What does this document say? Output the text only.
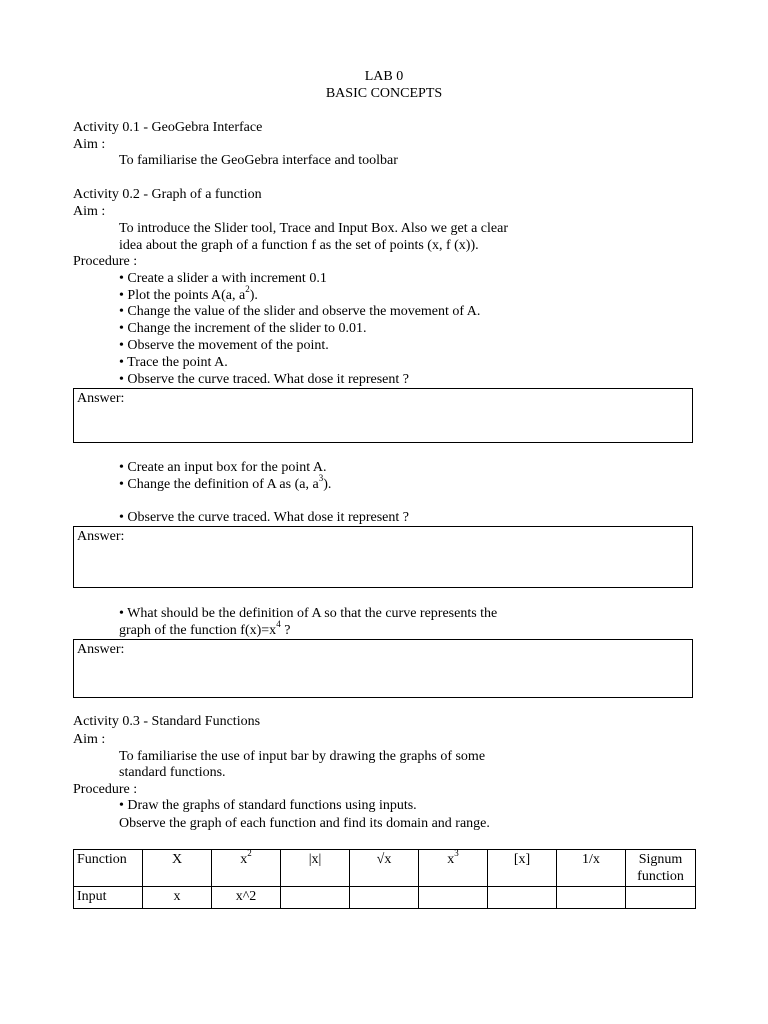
LAB 0
BASIC CONCEPTS
Activity 0.1 - GeoGebra Interface
Aim :
To familiarise the GeoGebra interface and toolbar
Activity 0.2 - Graph of a function
Aim :
To introduce the Slider tool, Trace and Input Box. Also we get a clear
idea about the graph of a function f as the set of points (x, f (x)).
Procedure :
• Create a slider a with increment 0.1
• Plot the points A(a, $a^2$).
• Change the value of the slider and observe the movement of A.
• Change the increment of the slider to 0.01.
• Observe the movement of the point.
• Trace the point A.
• Observe the curve traced. What dose it represent ?
Answer:
• Create an input box for the point A.
• Change the definition of A as (a, $a^3$).
• Observe the curve traced. What dose it represent ?
Answer:
• What should be the definition of A so that the curve represents the
graph of the function $f(x)=x^4$ ?
Answer:
Activity 0.3 - Standard Functions
Aim :
To familiarise the use of input bar by drawing the graphs of some
standard functions.
Procedure :
• Draw the graphs of standard functions using inputs.
Observe the graph of each function and find its domain and range.
Function	X	$x^2$	|x|	√x	$x^3$	[x]	1/x	Signum
function

Input	x	x^2						
